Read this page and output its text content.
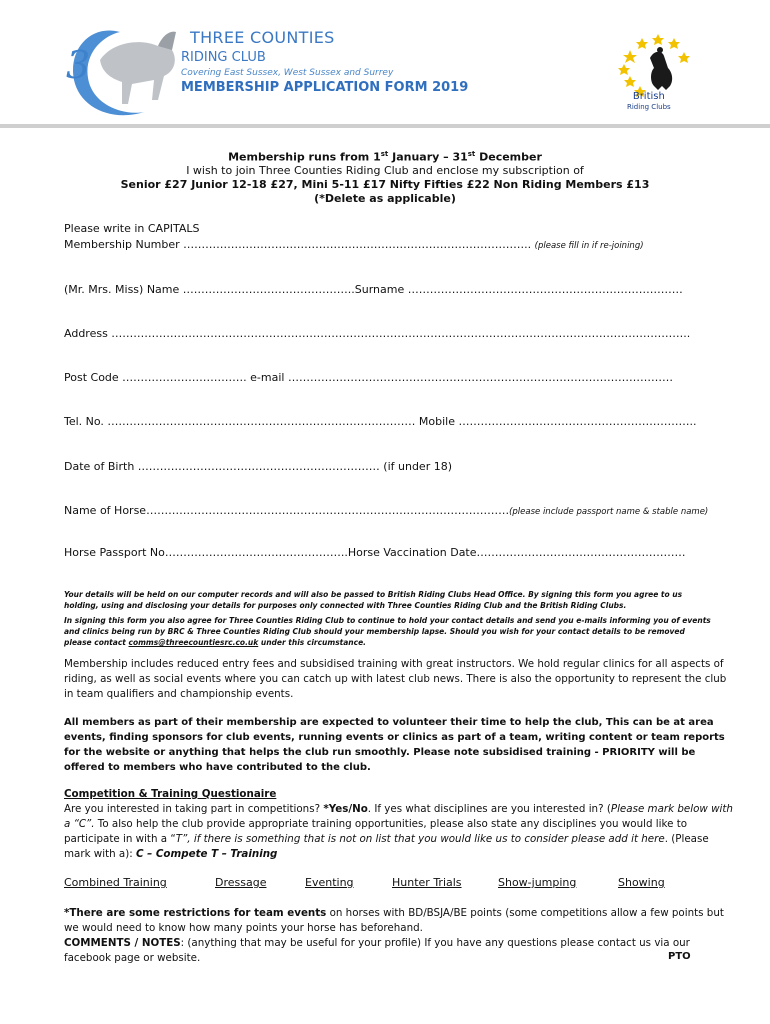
3
THREE COUNTIES
RIDING CLUB
Covering East Sussex, West Sussex and Surrey
MEMBERSHIP APPLICATION FORM 2019
British
Riding Clubs
Membership runs from 1st January – 31st December
I wish to join Three Counties Riding Club and enclose my subscription of
Senior £27 Junior 12-18 £27, Mini 5-11 £17 Nifty Fifties £22 Non Riding Members £13
(*Delete as applicable)
Please write in CAPITALS
Membership Number ………………………………………………………………………………….. (please fill in if re-joining)
(Mr. Mrs. Miss) Name ………………………………………..Surname …………………………………………………………………
Address …………………………………………………………………………………………………………………………………………..
Post Code ……………………………. e-mail ……………………………………………………………………………………………
Tel. No. ………………………………………………………………………… Mobile ………………………………………………………..
Date of Birth ………………………………………………………… (if under 18)
Name of Horse………………………………………………………………………………………(please include passport name & stable name)
Horse Passport No…………………………………………..Horse Vaccination Date…………………………………………………
Your details will be held on our computer records and will also be passed to British Riding Clubs Head Office. By signing this form you agree to us holding, using and disclosing your details for purposes only connected with Three Counties Riding Club and the British Riding Clubs.
In signing this form you also agree for Three Counties Riding Club to continue to hold your contact details and send you e-mails informing you of events and clinics being run by BRC & Three Counties Riding Club should your membership lapse. Should you wish for your contact details to be removed please contact comms@threecountiesrc.co.uk under this circumstance.
Membership includes reduced entry fees and subsidised training with great instructors. We hold regular clinics for all aspects of riding, as well as social events where you can catch up with latest club news. There is also the opportunity to represent the club in team qualifiers and championship events.
All members as part of their membership are expected to volunteer their time to help the club, This can be at area events, finding sponsors for club events, running events or clinics as part of a team, writing content or team reports for the website or anything that helps the club run smoothly. Please note subsidised training - PRIORITY will be offered to members who have contributed to the club.
Competition & Training Questionaire
Are you interested in taking part in competitions? *Yes/No. If yes what disciplines are you interested in? (Please mark below with a “C”. To also help the club provide appropriate training opportunities, please also state any disciplines you would like to participate in with a “T”, if there is something that is not on list that you would like us to consider please add it here. (Please mark with a): C – Compete T – Training
Combined Training	Dressage	Eventing	Hunter Trials	Show-jumping	Showing
*There are some restrictions for team events on horses with BD/BSJA/BE points (some competitions allow a few points but we would need to know how many points your horse has beforehand.
COMMENTS / NOTES: (anything that may be useful for your profile) If you have any questions please contact us via our facebook page or website.	PTO
